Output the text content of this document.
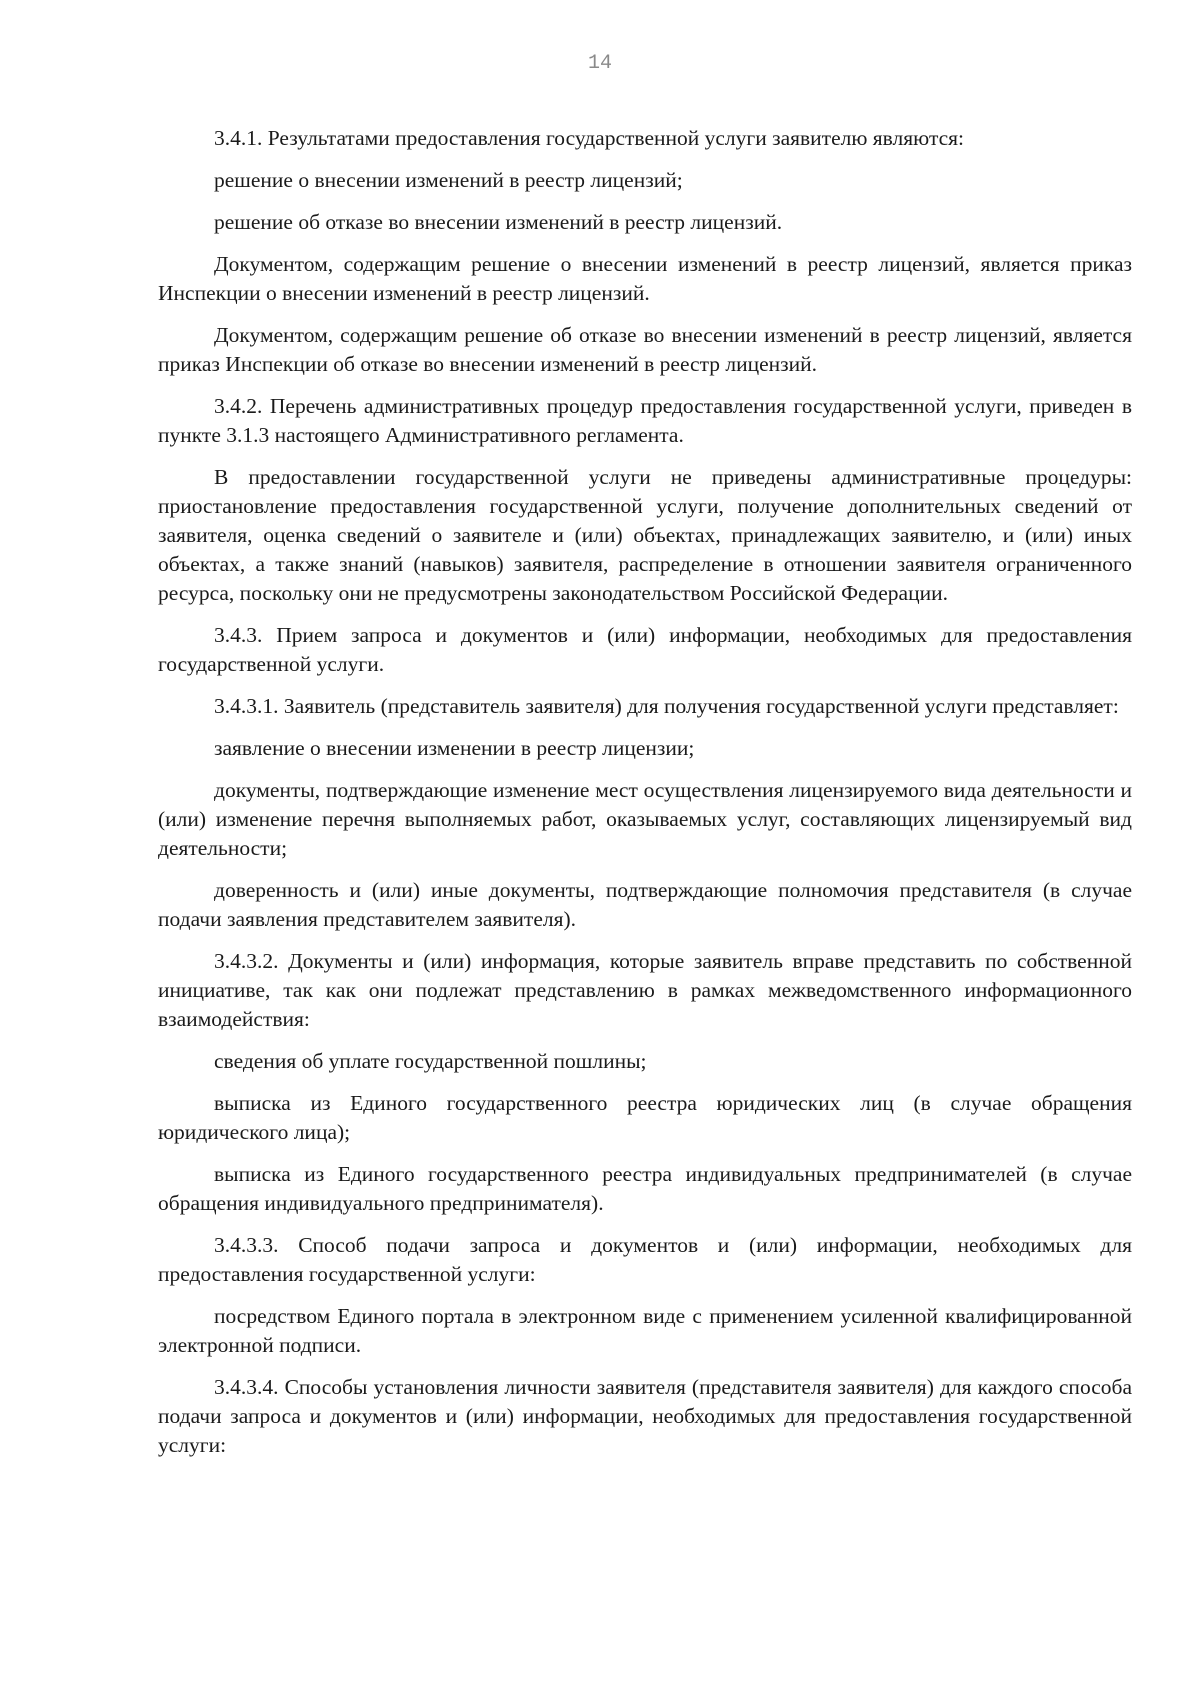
14

3.4.1. Результатами предоставления государственной услуги заявителю являются:

решение о внесении изменений в реестр лицензий;

решение об отказе во внесении изменений в реестр лицензий.

Документом, содержащим решение о внесении изменений в реестр лицензий, является приказ Инспекции о внесении изменений в реестр лицензий.

Документом, содержащим решение об отказе во внесении изменений в реестр лицензий, является приказ Инспекции об отказе во внесении изменений в реестр лицензий.

3.4.2. Перечень административных процедур предоставления государственной услуги, приведен в пункте 3.1.3 настоящего Административного регламента.

В предоставлении государственной услуги не приведены административные процедуры: приостановление предоставления государственной услуги, получение дополнительных сведений от заявителя, оценка сведений о заявителе и (или) объектах, принадлежащих заявителю, и (или) иных объектах, а также знаний (навыков) заявителя, распределение в отношении заявителя ограниченного ресурса, поскольку они не предусмотрены законодательством Российской Федерации.

3.4.3. Прием запроса и документов и (или) информации, необходимых для предоставления государственной услуги.

3.4.3.1. Заявитель (представитель заявителя) для получения государственной услуги представляет:

заявление о внесении изменении в реестр лицензии;

документы, подтверждающие изменение мест осуществления лицензируемого вида деятельности и (или) изменение перечня выполняемых работ, оказываемых услуг, составляющих лицензируемый вид деятельности;

доверенность и (или) иные документы, подтверждающие полномочия представителя (в случае подачи заявления представителем заявителя).

3.4.3.2. Документы и (или) информация, которые заявитель вправе представить по собственной инициативе, так как они подлежат представлению в рамках межведомственного информационного взаимодействия:

сведения об уплате государственной пошлины;

выписка из Единого государственного реестра юридических лиц (в случае обращения юридического лица);

выписка из Единого государственного реестра индивидуальных предпринимателей (в случае обращения индивидуального предпринимателя).

3.4.3.3. Способ подачи запроса и документов и (или) информации, необходимых для предоставления государственной услуги:

посредством Единого портала в электронном виде с применением усиленной квалифицированной электронной подписи.

3.4.3.4. Способы установления личности заявителя (представителя заявителя) для каждого способа подачи запроса и документов и (или) информации, необходимых для предоставления государственной услуги:
